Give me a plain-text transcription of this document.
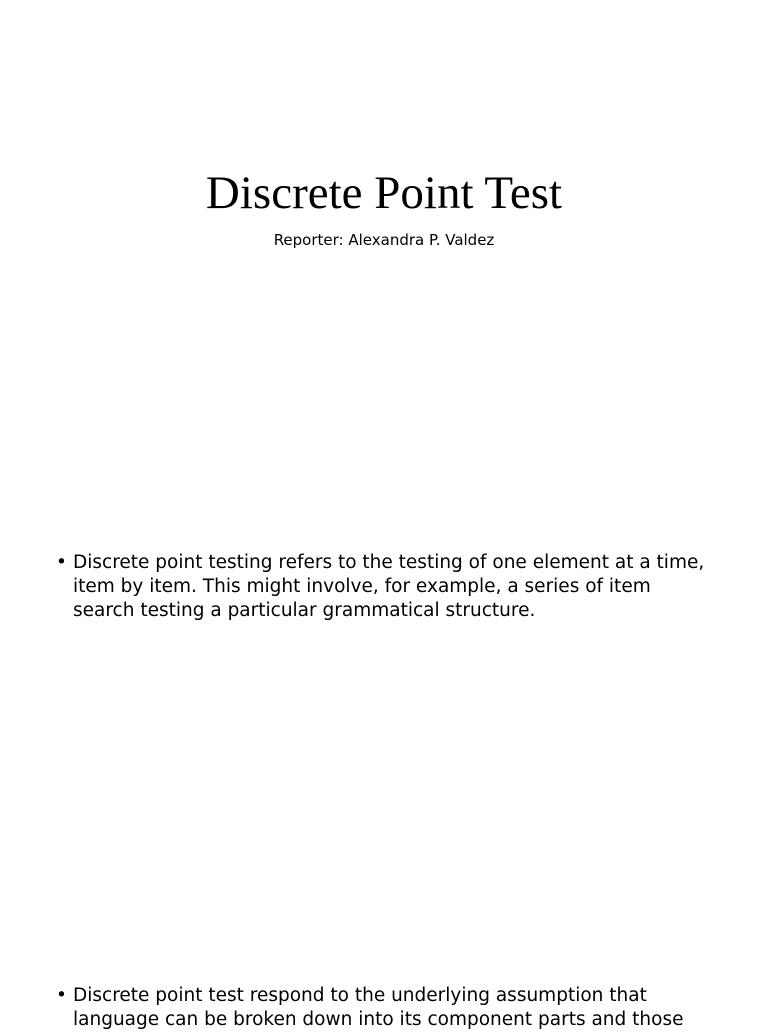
Discrete Point Test

Reporter: Alexandra P. Valdez

• Discrete point testing refers to the testing of one element at a time, item by item. This might involve, for example, a series of item search testing a particular grammatical structure.
• Discrete point test respond to the underlying assumption that language can be broken down into its component parts and those
